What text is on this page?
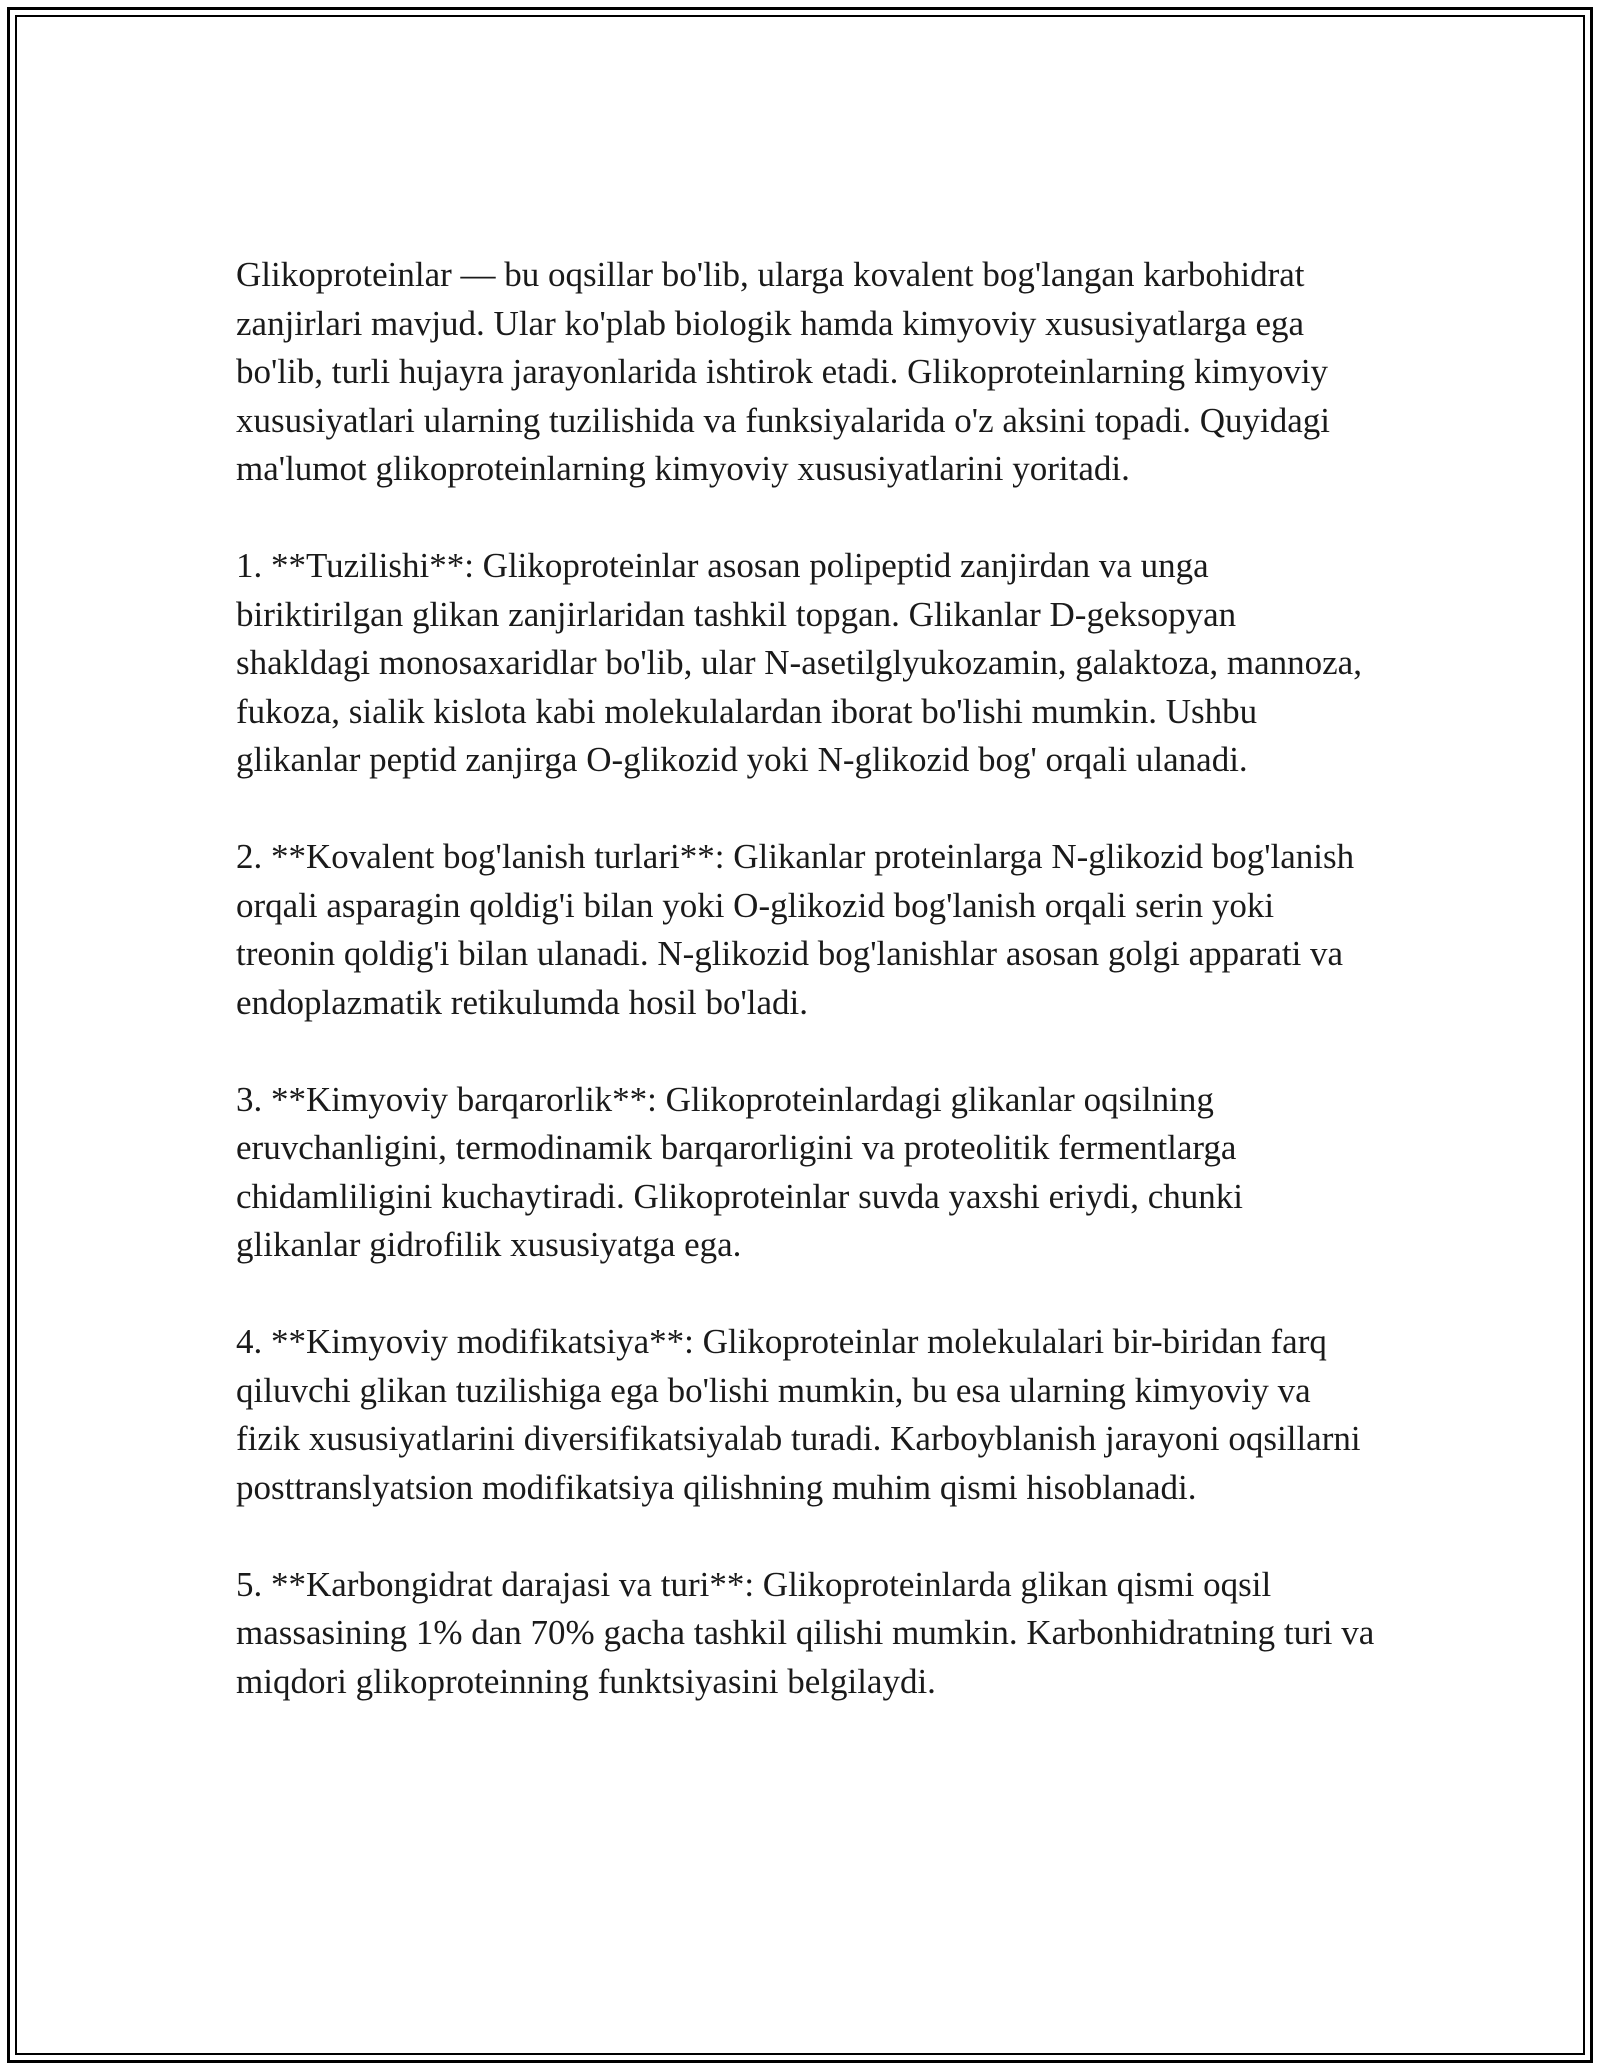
Glikoproteinlar — bu oqsillar bo'lib, ularga kovalent bog'langan karbohidrat zanjirlari mavjud. Ular ko'plab biologik hamda kimyoviy xususiyatlarga ega bo'lib, turli hujayra jarayonlarida ishtirok etadi. Glikoproteinlarning kimyoviy xususiyatlari ularning tuzilishida va funksiyalarida o'z aksini topadi. Quyidagi ma'lumot glikoproteinlarning kimyoviy xususiyatlarini yoritadi.

1. **Tuzilishi**: Glikoproteinlar asosan polipeptid zanjirdan va unga biriktirilgan glikan zanjirlaridan tashkil topgan. Glikanlar D-geksopyan shakldagi monosaxaridlar bo'lib, ular N-asetilglyukozamin, galaktoza, mannoza, fukoza, sialik kislota kabi molekulalardan iborat bo'lishi mumkin. Ushbu glikanlar peptid zanjirga O-glikozid yoki N-glikozid bog' orqali ulanadi.

2. **Kovalent bog'lanish turlari**: Glikanlar proteinlarga N-glikozid bog'lanish orqali asparagin qoldig'i bilan yoki O-glikozid bog'lanish orqali serin yoki treonin qoldig'i bilan ulanadi. N-glikozid bog'lanishlar asosan golgi apparati va endoplazmatik retikulumda hosil bo'ladi.

3. **Kimyoviy barqarorlik**: Glikoproteinlardagi glikanlar oqsilning eruvchanligini, termodinamik barqarorligini va proteolitik fermentlarga chidamliligini kuchaytiradi. Glikoproteinlar suvda yaxshi eriydi, chunki glikanlar gidrofilik xususiyatga ega.

4. **Kimyoviy modifikatsiya**: Glikoproteinlar molekulalari bir-biridan farq qiluvchi glikan tuzilishiga ega bo'lishi mumkin, bu esa ularning kimyoviy va fizik xususiyatlarini diversifikatsiyalab turadi. Karboyblanish jarayoni oqsillarni posttranslyatsion modifikatsiya qilishning muhim qismi hisoblanadi.

5. **Karbongidrat darajasi va turi**: Glikoproteinlarda glikan qismi oqsil massasining 1% dan 70% gacha tashkil qilishi mumkin. Karbonhidratning turi va miqdori glikoproteinning funktsiyasini belgilaydi.
